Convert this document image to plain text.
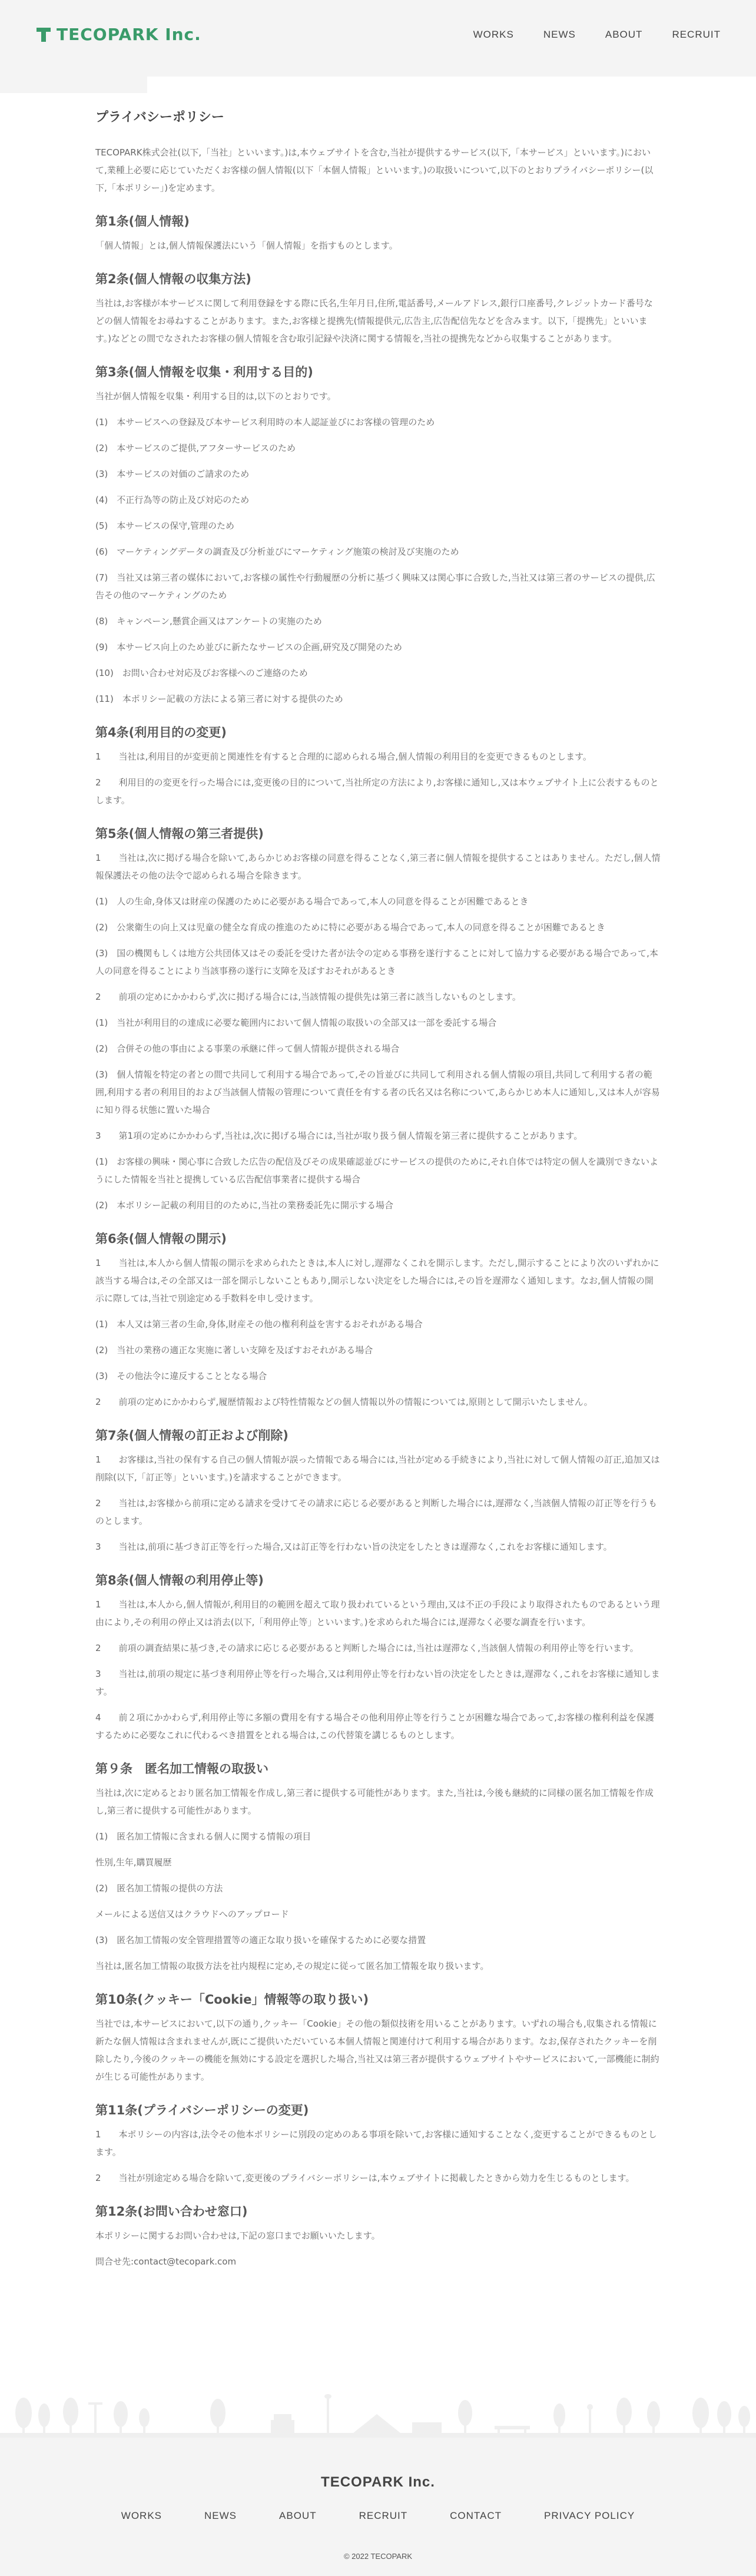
TECOPARK Inc.	WORKS	NEWS	ABOUT	RECRUIT
プライバシーポリシー

TECOPARK株式会社(以下,「当社」といいます。)は,本ウェブサイトを含む,当社が提供するサービス(以下,「本サービス」といいます。)において,業種上必要に応じていただくお客様の個人情報(以下「本個人情報」といいます。)の取扱いについて,以下のとおりプライバシーポリシー(以下,「本ポリシー」)を定めます。

第1条(個人情報)

「個人情報」とは,個人情報保護法にいう「個人情報」を指すものとします。

第2条(個人情報の収集方法)

当社は,お客様が本サービスに関して利用登録をする際に氏名,生年月日,住所,電話番号,メールアドレス,銀行口座番号,クレジットカード番号などの個人情報をお尋ねすることがあります。また,お客様と提携先(情報提供元,広告主,広告配信先などを含みます。以下,「提携先」といいます。)などとの間でなされたお客様の個人情報を含む取引記録や決済に関する情報を,当社の提携先などから収集することがあります。

第3条(個人情報を収集・利用する目的)

当社が個人情報を収集・利用する目的は,以下のとおりです。

(1)　本サービスへの登録及び本サービス利用時の本人認証並びにお客様の管理のため

(2)　本サービスのご提供,アフターサービスのため

(3)　本サービスの対価のご請求のため

(4)　不正行為等の防止及び対応のため

(5)　本サービスの保守,管理のため

(6)　マーケティングデータの調査及び分析並びにマーケティング施策の検討及び実施のため

(7)　当社又は第三者の媒体において,お客様の属性や行動履歴の分析に基づく興味又は関心事に合致した,当社又は第三者のサービスの提供,広告その他のマーケティングのため

(8)　キャンペーン,懸賞企画又はアンケートの実施のため

(9)　本サービス向上のため並びに新たなサービスの企画,研究及び開発のため

(10)　お問い合わせ対応及びお客様へのご連絡のため

(11)　本ポリシー記載の方法による第三者に対する提供のため

第4条(利用目的の変更)

1　　当社は,利用目的が変更前と関連性を有すると合理的に認められる場合,個人情報の利用目的を変更できるものとします。

2　　利用目的の変更を行った場合には,変更後の目的について,当社所定の方法により,お客様に通知し,又は本ウェブサイト上に公表するものとします。

第5条(個人情報の第三者提供)

1　　当社は,次に掲げる場合を除いて,あらかじめお客様の同意を得ることなく,第三者に個人情報を提供することはありません。ただし,個人情報保護法その他の法令で認められる場合を除きます。

(1)　人の生命,身体又は財産の保護のために必要がある場合であって,本人の同意を得ることが困難であるとき

(2)　公衆衛生の向上又は児童の健全な育成の推進のために特に必要がある場合であって,本人の同意を得ることが困難であるとき

(3)　国の機関もしくは地方公共団体又はその委託を受けた者が法令の定める事務を遂行することに対して協力する必要がある場合であって,本人の同意を得ることにより当該事務の遂行に支障を及ぼすおそれがあるとき

2　　前項の定めにかかわらず,次に掲げる場合には,当該情報の提供先は第三者に該当しないものとします。

(1)　当社が利用目的の達成に必要な範囲内において個人情報の取扱いの全部又は一部を委託する場合

(2)　合併その他の事由による事業の承継に伴って個人情報が提供される場合

(3)　個人情報を特定の者との間で共同して利用する場合であって,その旨並びに共同して利用される個人情報の項目,共同して利用する者の範囲,利用する者の利用目的および当該個人情報の管理について責任を有する者の氏名又は名称について,あらかじめ本人に通知し,又は本人が容易に知り得る状態に置いた場合

3　　第1項の定めにかかわらず,当社は,次に掲げる場合には,当社が取り扱う個人情報を第三者に提供することがあります。

(1)　お客様の興味・関心事に合致した広告の配信及びその成果確認並びにサービスの提供のために,それ自体では特定の個人を識別できないようにした情報を当社と提携している広告配信事業者に提供する場合

(2)　本ポリシー記載の利用目的のために,当社の業務委託先に開示する場合

第6条(個人情報の開示)

1　　当社は,本人から個人情報の開示を求められたときは,本人に対し,遅滞なくこれを開示します。ただし,開示することにより次のいずれかに該当する場合は,その全部又は一部を開示しないこともあり,開示しない決定をした場合には,その旨を遅滞なく通知します。なお,個人情報の開示に際しては,当社で別途定める手数料を申し受けます。

(1)　本人又は第三者の生命,身体,財産その他の権利利益を害するおそれがある場合

(2)　当社の業務の適正な実施に著しい支障を及ぼすおそれがある場合

(3)　その他法令に違反することとなる場合

2　　前項の定めにかかわらず,履歴情報および特性情報などの個人情報以外の情報については,原則として開示いたしません。

第7条(個人情報の訂正および削除)

1　　お客様は,当社の保有する自己の個人情報が誤った情報である場合には,当社が定める手続きにより,当社に対して個人情報の訂正,追加又は削除(以下,「訂正等」といいます。)を請求することができます。

2　　当社は,お客様から前項に定める請求を受けてその請求に応じる必要があると判断した場合には,遅滞なく,当該個人情報の訂正等を行うものとします。

3　　当社は,前項に基づき訂正等を行った場合,又は訂正等を行わない旨の決定をしたときは遅滞なく,これをお客様に通知します。

第8条(個人情報の利用停止等)

1　　当社は,本人から,個人情報が,利用目的の範囲を超えて取り扱われているという理由,又は不正の手段により取得されたものであるという理由により,その利用の停止又は消去(以下,「利用停止等」といいます。)を求められた場合には,遅滞なく必要な調査を行います。

2　　前項の調査結果に基づき,その請求に応じる必要があると判断した場合には,当社は遅滞なく,当該個人情報の利用停止等を行います。

3　　当社は,前項の規定に基づき利用停止等を行った場合,又は利用停止等を行わない旨の決定をしたときは,遅滞なく,これをお客様に通知します。

4　　前２項にかかわらず,利用停止等に多額の費用を有する場合その他利用停止等を行うことが困難な場合であって,お客様の権利利益を保護するために必要なこれに代わるべき措置をとれる場合は,この代替策を講じるものとします。

第９条　匿名加工情報の取扱い

当社は,次に定めるとおり匿名加工情報を作成し,第三者に提供する可能性があります。また,当社は,今後も継続的に同様の匿名加工情報を作成し,第三者に提供する可能性があります。

(1)　匿名加工情報に含まれる個人に関する情報の項目

性別,生年,購買履歴

(2)　匿名加工情報の提供の方法

メールによる送信又はクラウドへのアップロード

(3)　匿名加工情報の安全管理措置等の適正な取り扱いを確保するために必要な措置

当社は,匿名加工情報の取扱方法を社内規程に定め,その規定に従って匿名加工情報を取り扱います。

第10条(クッキー「Cookie」情報等の取り扱い)

当社では,本サービスにおいて,以下の通り,クッキー「Cookie」その他の類似技術を用いることがあります。いずれの場合も,収集される情報に新たな個人情報は含まれませんが,既にご提供いただいている本個人情報と関連付けて利用する場合があります。なお,保存されたクッキーを削除したり,今後のクッキーの機能を無効にする設定を選択した場合,当社又は第三者が提供するウェブサイトやサービスにおいて,一部機能に制約が生じる可能性があります。

第11条(プライバシーポリシーの変更)

1　　本ポリシーの内容は,法令その他本ポリシーに別段の定めのある事項を除いて,お客様に通知することなく,変更することができるものとします。

2　　当社が別途定める場合を除いて,変更後のプライバシーポリシーは,本ウェブサイトに掲載したときから効力を生じるものとします。

第12条(お問い合わせ窓口)

本ポリシーに関するお問い合わせは,下記の窓口までお願いいたします。

問合せ先:contact@tecopark.com

TECOPARK Inc.
WORKS	NEWS	ABOUT	RECRUIT	CONTACT	PRIVACY POLICY
© 2022 TECOPARK
